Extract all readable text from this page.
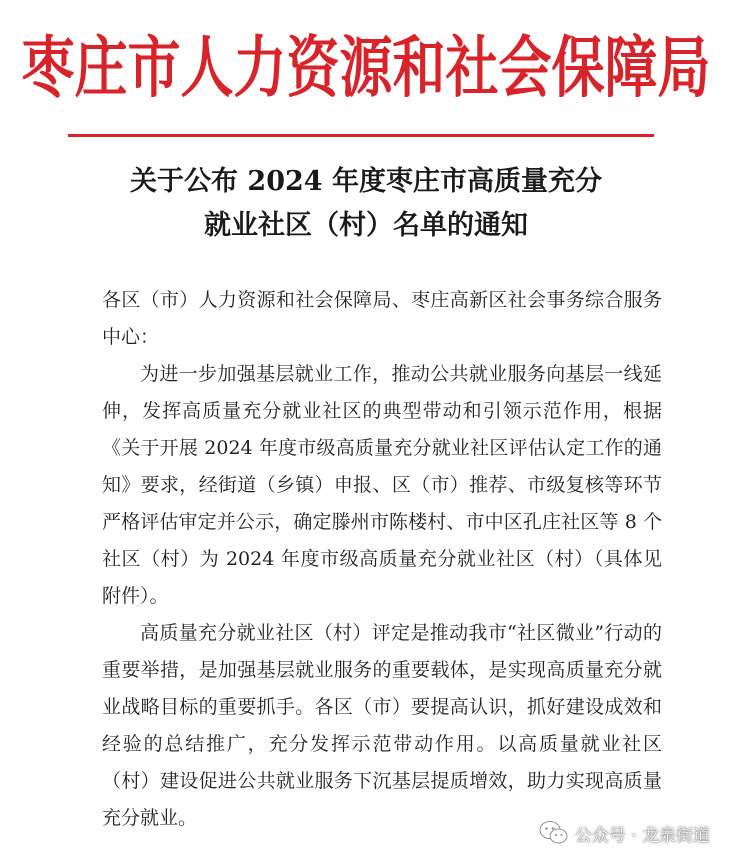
枣庄市人力资源和社会保障局
关于公布 2024 年度枣庄市高质量充分
就业社区（村）名单的通知

各区（市）人力资源和社会保障局、枣庄高新区社会事务综合服务中心：

为进一步加强基层就业工作，推动公共就业服务向基层一线延伸，发挥高质量充分就业社区的典型带动和引领示范作用，根据《关于开展 2024 年度市级高质量充分就业社区评估认定工作的通知》要求，经街道（乡镇）申报、区（市）推荐、市级复核等环节严格评估审定并公示，确定滕州市陈楼村、市中区孔庄社区等 8 个社区（村）为 2024 年度市级高质量充分就业社区（村）（具体见附件）。

高质量充分就业社区（村）评定是推动我市“社区微业”行动的重要举措，是加强基层就业服务的重要载体，是实现高质量充分就业战略目标的重要抓手。各区（市）要提高认识，抓好建设成效和经验的总结推广，充分发挥示范带动作用。以高质量就业社区（村）建设促进公共就业服务下沉基层提质增效，助力实现高质量充分就业。

公众号 · 龙泉街道
